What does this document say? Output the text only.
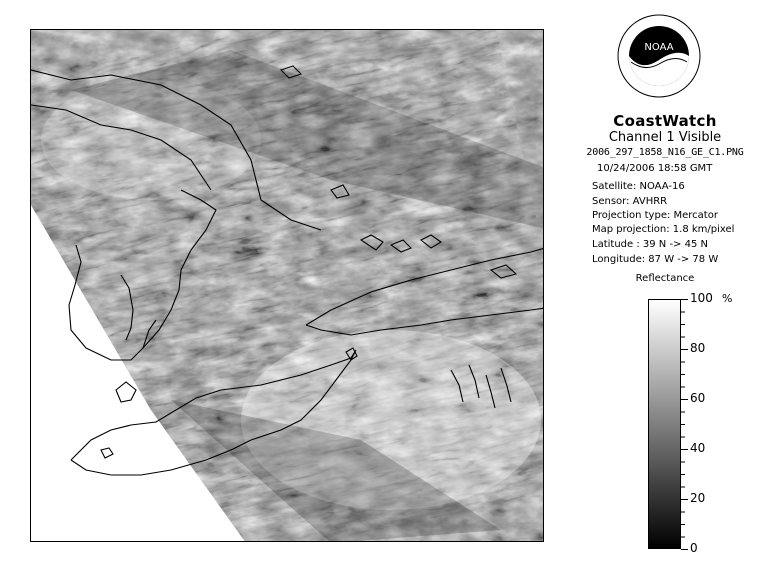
NOAA
CoastWatch
Channel 1 Visible
2006_297_1858_N16_GE_C1.PNG
10/24/2006 18:58 GMT
Satellite: NOAA-16
Sensor: AVHRR
Projection type: Mercator
Map projection: 1.8 km/pixel
Latitude : 39 N -> 45 N
Longitude: 87 W -> 78 W
Reflectance
0
20
40
60
80
100 %
